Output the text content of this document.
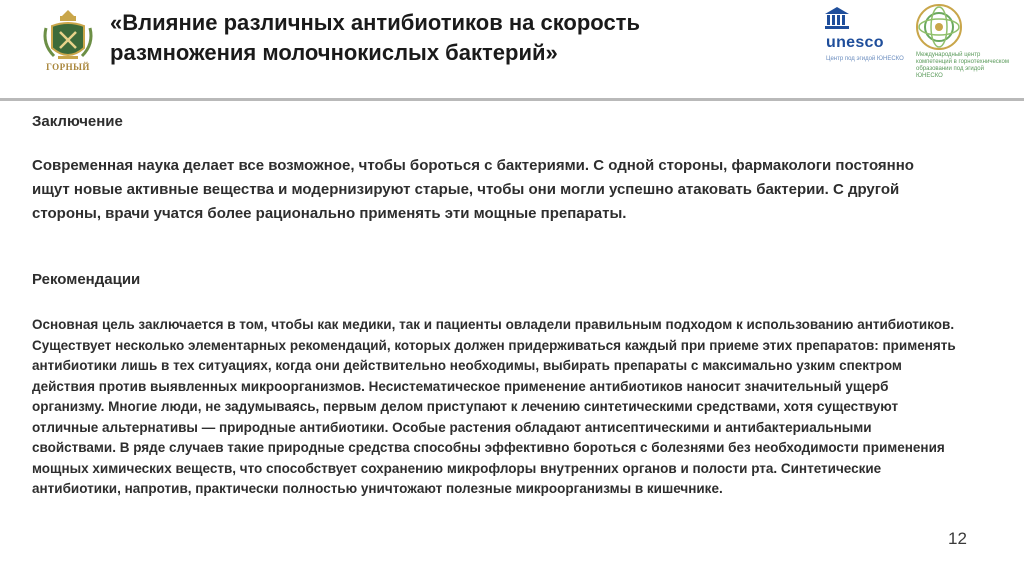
ГОРНЫЙ
«Влияние различных антибиотиков на скорость размножения молочнокислых бактерий»	unesco
Центр под эгидой ЮНЕСКО
Международный центр компетенций в горнотехническом образовании под эгидой ЮНЕСКО
Заключение
Современная наука делает все возможное, чтобы бороться с бактериями. С одной стороны, фармакологи постоянно ищут новые активные вещества и модернизируют старые, чтобы они могли успешно атаковать бактерии. С другой стороны, врачи учатся более рационально применять эти мощные препараты.
Рекомендации
Основная цель заключается в том, чтобы как медики, так и пациенты овладели правильным подходом к использованию антибиотиков. Существует несколько элементарных рекомендаций, которых должен придерживаться каждый при приеме этих препаратов: применять антибиотики лишь в тех ситуациях, когда они действительно необходимы, выбирать препараты с максимально узким спектром действия против выявленных микроорганизмов. Несистематическое применение антибиотиков наносит значительный ущерб организму. Многие люди, не задумываясь, первым делом приступают к лечению синтетическими средствами, хотя существуют отличные альтернативы — природные антибиотики. Особые растения обладают антисептическими и антибактериальными свойствами. В ряде случаев такие природные средства способны эффективно бороться с болезнями без необходимости применения мощных химических веществ, что способствует сохранению микрофлоры внутренних органов и полости рта. Синтетические антибиотики, напротив, практически полностью уничтожают полезные микроорганизмы в кишечнике.
12
